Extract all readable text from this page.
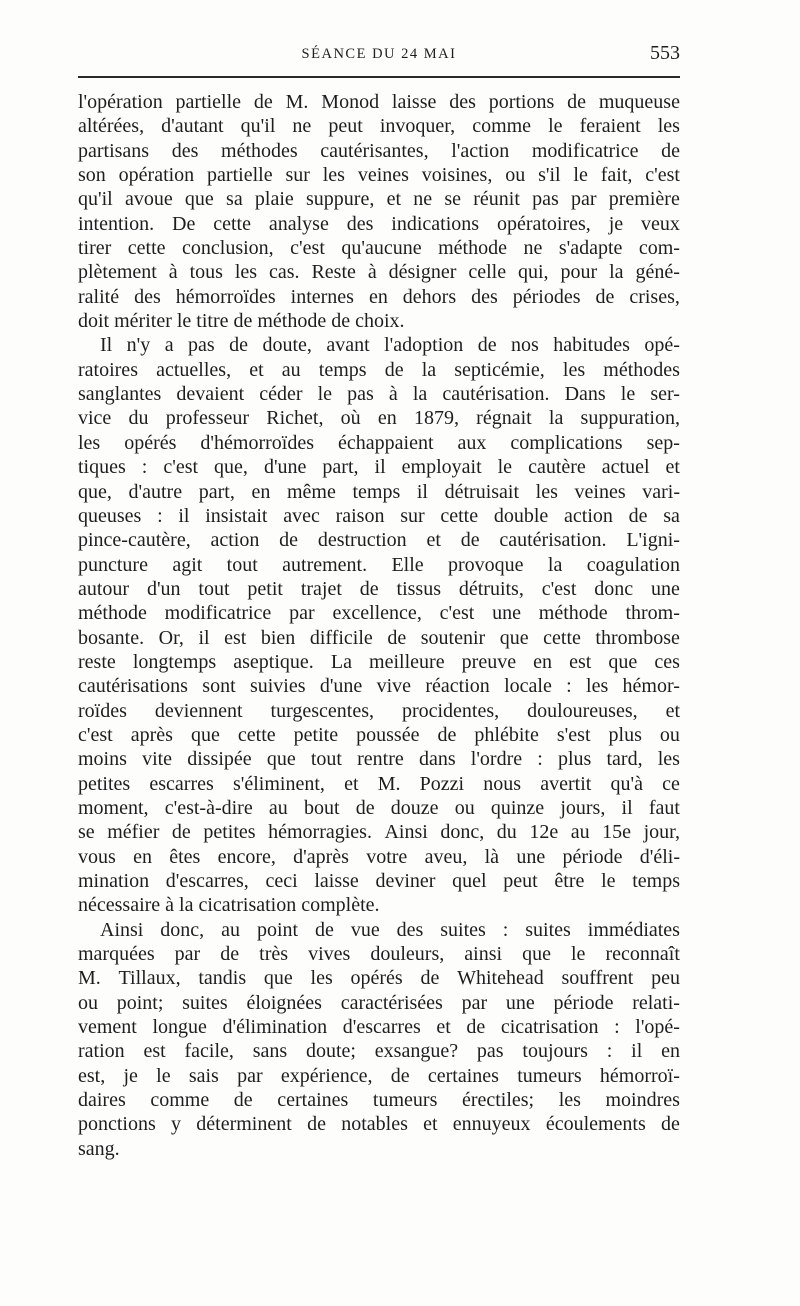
SÉANCE DU 24 MAI	553
l'opération partielle de M. Monod laisse des portions de muqueuse
altérées, d'autant qu'il ne peut invoquer, comme le feraient les
partisans des méthodes cautérisantes, l'action modificatrice de
son opération partielle sur les veines voisines, ou s'il le fait, c'est
qu'il avoue que sa plaie suppure, et ne se réunit pas par première
intention. De cette analyse des indications opératoires, je veux
tirer cette conclusion, c'est qu'aucune méthode ne s'adapte com-
plètement à tous les cas. Reste à désigner celle qui, pour la géné-
ralité des hémorroïdes internes en dehors des périodes de crises,
doit mériter le titre de méthode de choix.
Il n'y a pas de doute, avant l'adoption de nos habitudes opé-
ratoires actuelles, et au temps de la septicémie, les méthodes
sanglantes devaient céder le pas à la cautérisation. Dans le ser-
vice du professeur Richet, où en 1879, régnait la suppuration,
les opérés d'hémorroïdes échappaient aux complications sep-
tiques : c'est que, d'une part, il employait le cautère actuel et
que, d'autre part, en même temps il détruisait les veines vari-
queuses : il insistait avec raison sur cette double action de sa
pince-cautère, action de destruction et de cautérisation. L'igni-
puncture agit tout autrement. Elle provoque la coagulation
autour d'un tout petit trajet de tissus détruits, c'est donc une
méthode modificatrice par excellence, c'est une méthode throm-
bosante. Or, il est bien difficile de soutenir que cette thrombose
reste longtemps aseptique. La meilleure preuve en est que ces
cautérisations sont suivies d'une vive réaction locale : les hémor-
roïdes deviennent turgescentes, procidentes, douloureuses, et
c'est après que cette petite poussée de phlébite s'est plus ou
moins vite dissipée que tout rentre dans l'ordre : plus tard, les
petites escarres s'éliminent, et M. Pozzi nous avertit qu'à ce
moment, c'est-à-dire au bout de douze ou quinze jours, il faut
se méfier de petites hémorragies. Ainsi donc, du 12e au 15e jour,
vous en êtes encore, d'après votre aveu, là une période d'éli-
mination d'escarres, ceci laisse deviner quel peut être le temps
nécessaire à la cicatrisation complète.
Ainsi donc, au point de vue des suites : suites immédiates
marquées par de très vives douleurs, ainsi que le reconnaît
M. Tillaux, tandis que les opérés de Whitehead souffrent peu
ou point; suites éloignées caractérisées par une période relati-
vement longue d'élimination d'escarres et de cicatrisation : l'opé-
ration est facile, sans doute; exsangue? pas toujours : il en
est, je le sais par expérience, de certaines tumeurs hémorroï-
daires comme de certaines tumeurs érectiles; les moindres
ponctions y déterminent de notables et ennuyeux écoulements de
sang.
